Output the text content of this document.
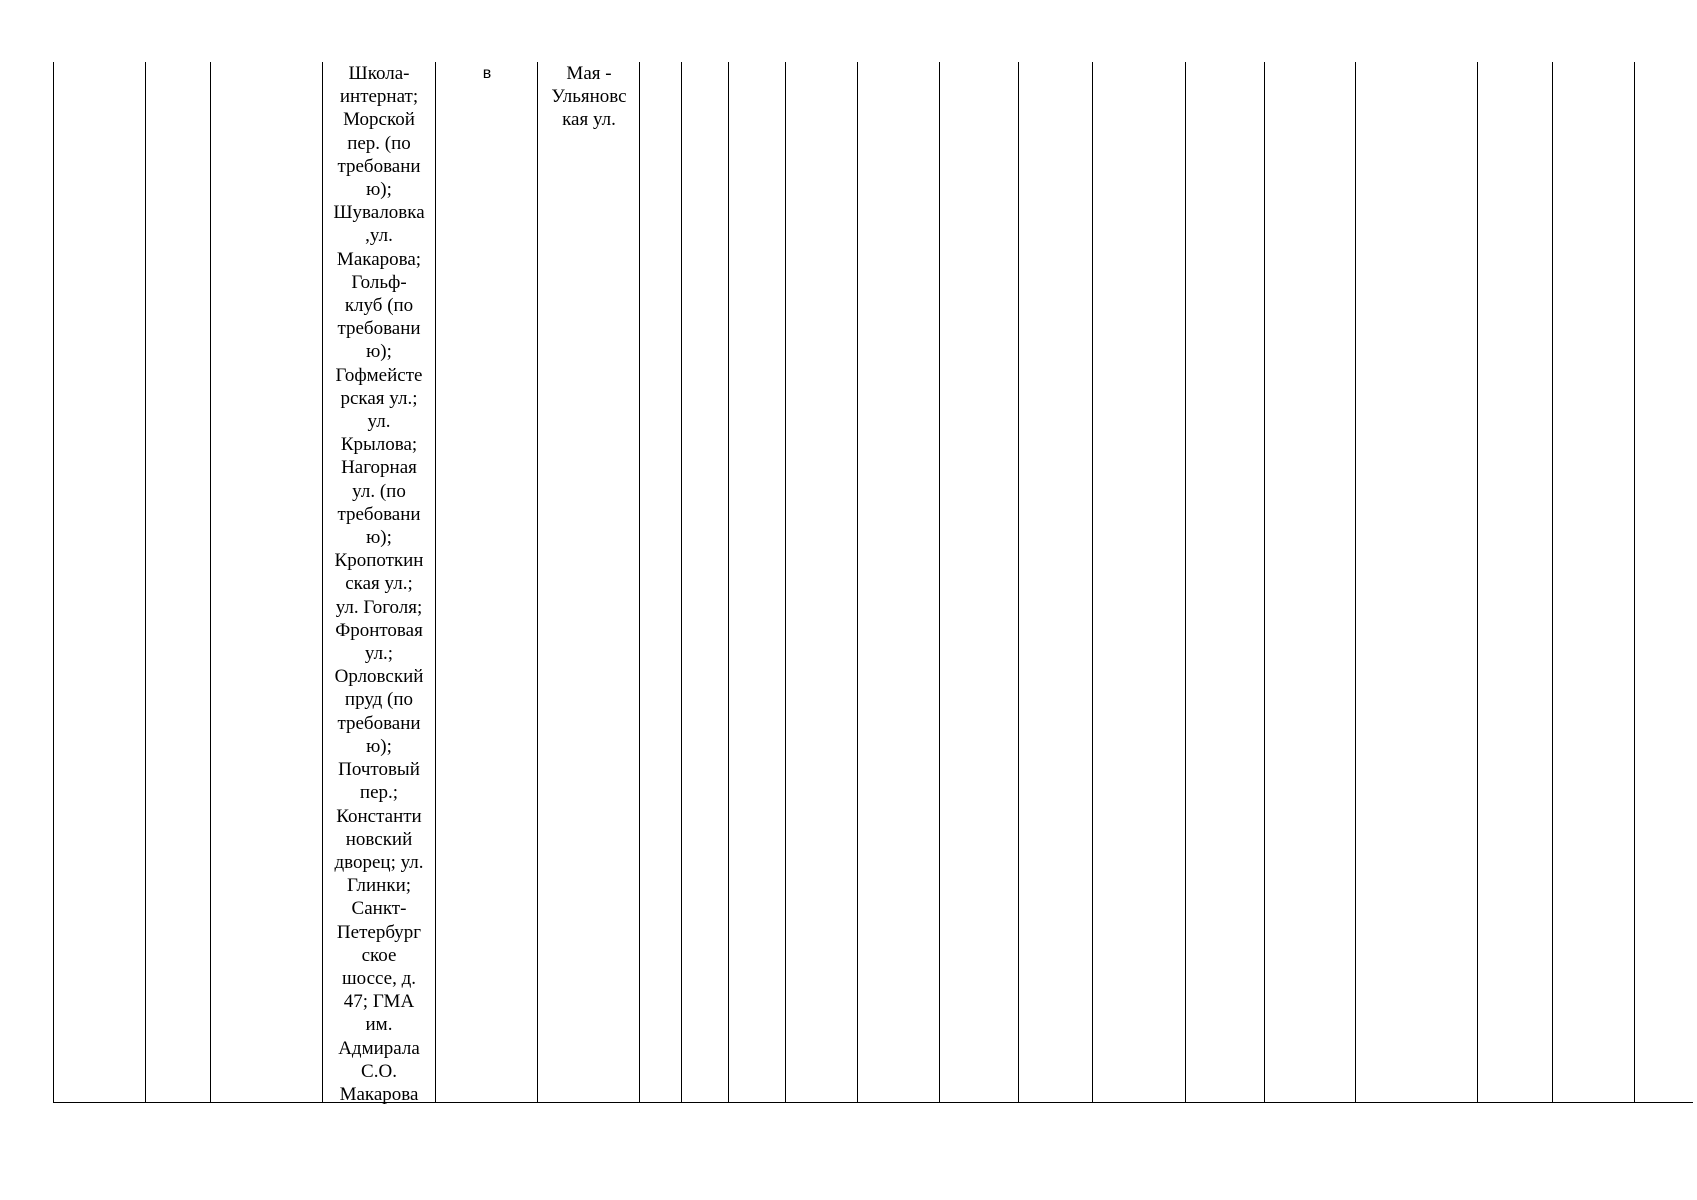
Школа-
интернат;
Морской
пер. (по
требовани
ю);
Шуваловка
,ул.
Макарова;
Гольф-
клуб (по
требовани
ю);
Гофмейсте
рская ул.;
ул.
Крылова;
Нагорная
ул. (по
требовани
ю);
Кропоткин
ская ул.;
ул. Гоголя;
Фронтовая
ул.;
Орловский
пруд (по
требовани
ю);
Почтовый
пер.;
Константи
новский
дворец; ул.
Глинки;
Санкт-
Петербург
ское
шоссе, д.
47; ГМА
им.
Адмирала
С.О.
Макарова
в	Мая -
Ульяновс
кая ул.
